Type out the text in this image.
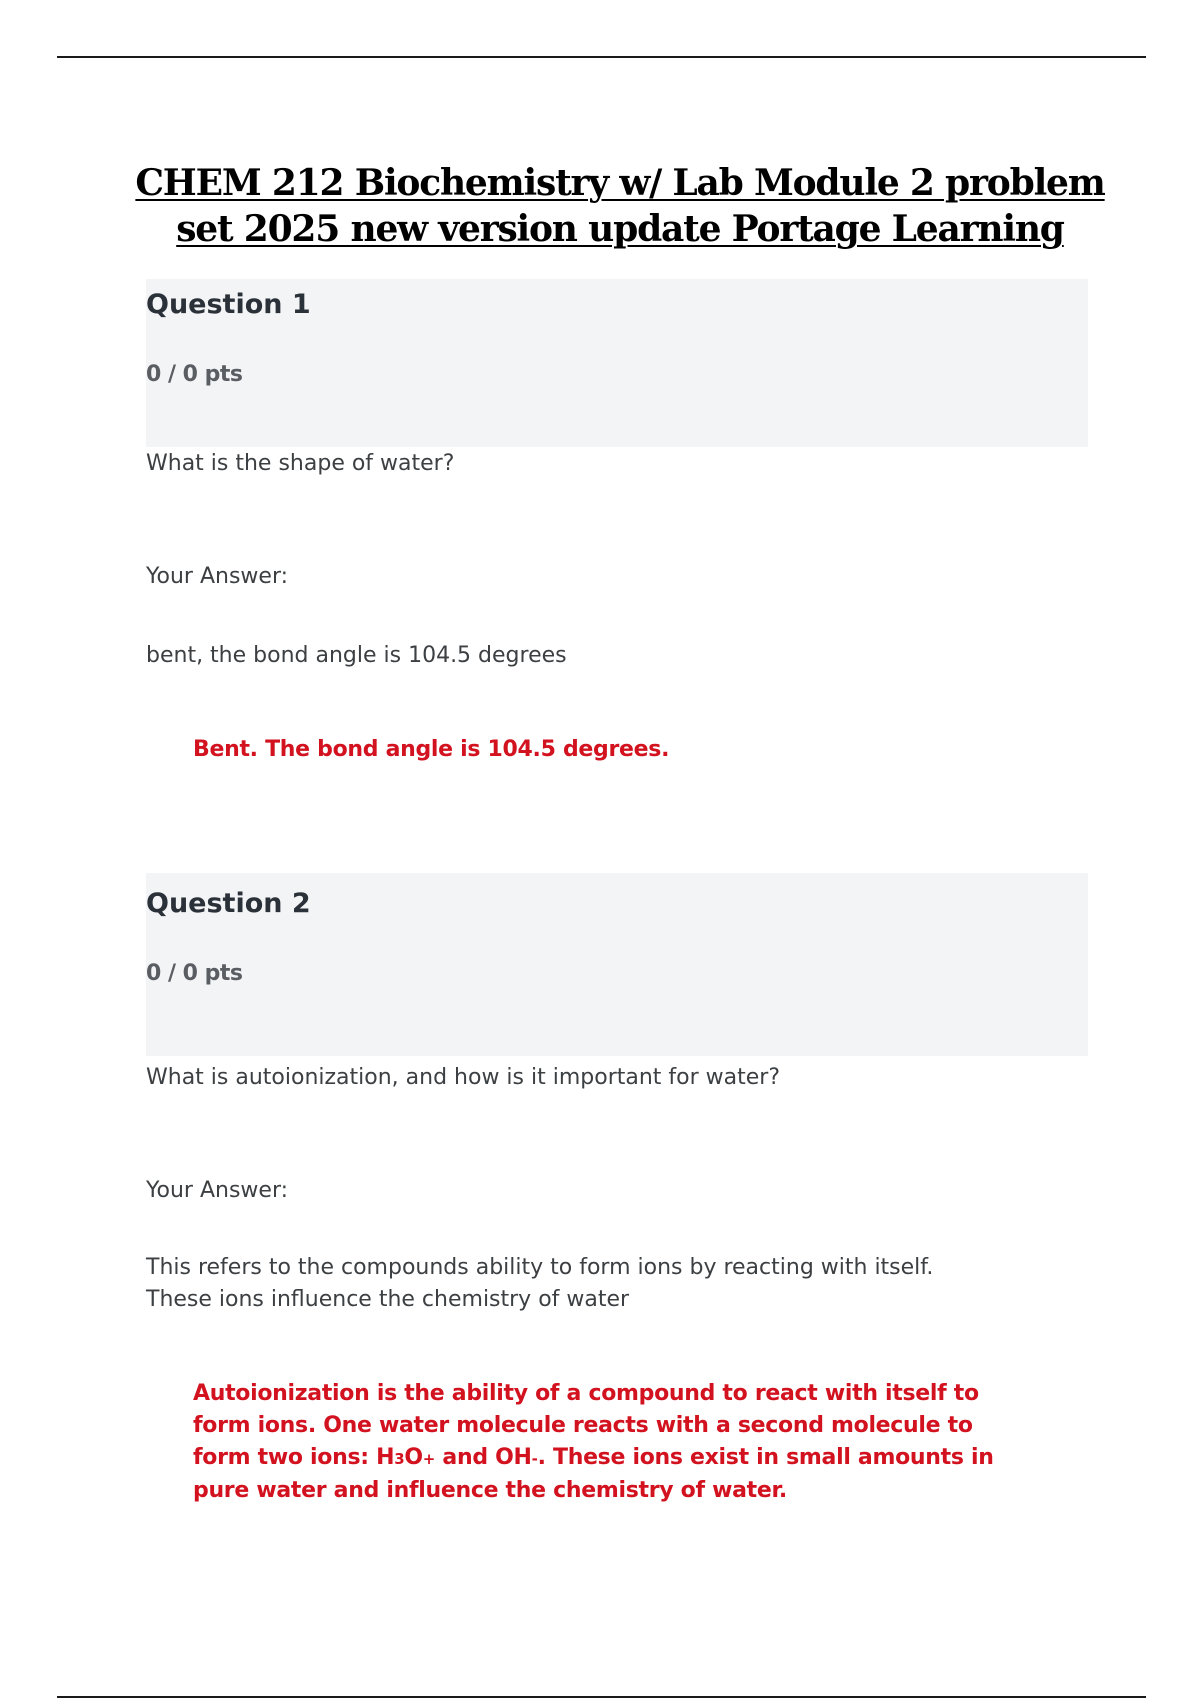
CHEM 212 Biochemistry w/ Lab Module 2 problem
set 2025 new version update Portage Learning
Question 1
0 / 0 pts
What is the shape of water?
Your Answer:
bent, the bond angle is 104.5 degrees
Bent. The bond angle is 104.5 degrees.
Question 2
0 / 0 pts
What is autoionization, and how is it important for water?
Your Answer:
This refers to the compounds ability to form ions by reacting with itself.
These ions influence the chemistry of water
Autoionization is the ability of a compound to react with itself to
form ions. One water molecule reacts with a second molecule to
form two ions: H3O+ and OH-. These ions exist in small amounts in
pure water and influence the chemistry of water.
